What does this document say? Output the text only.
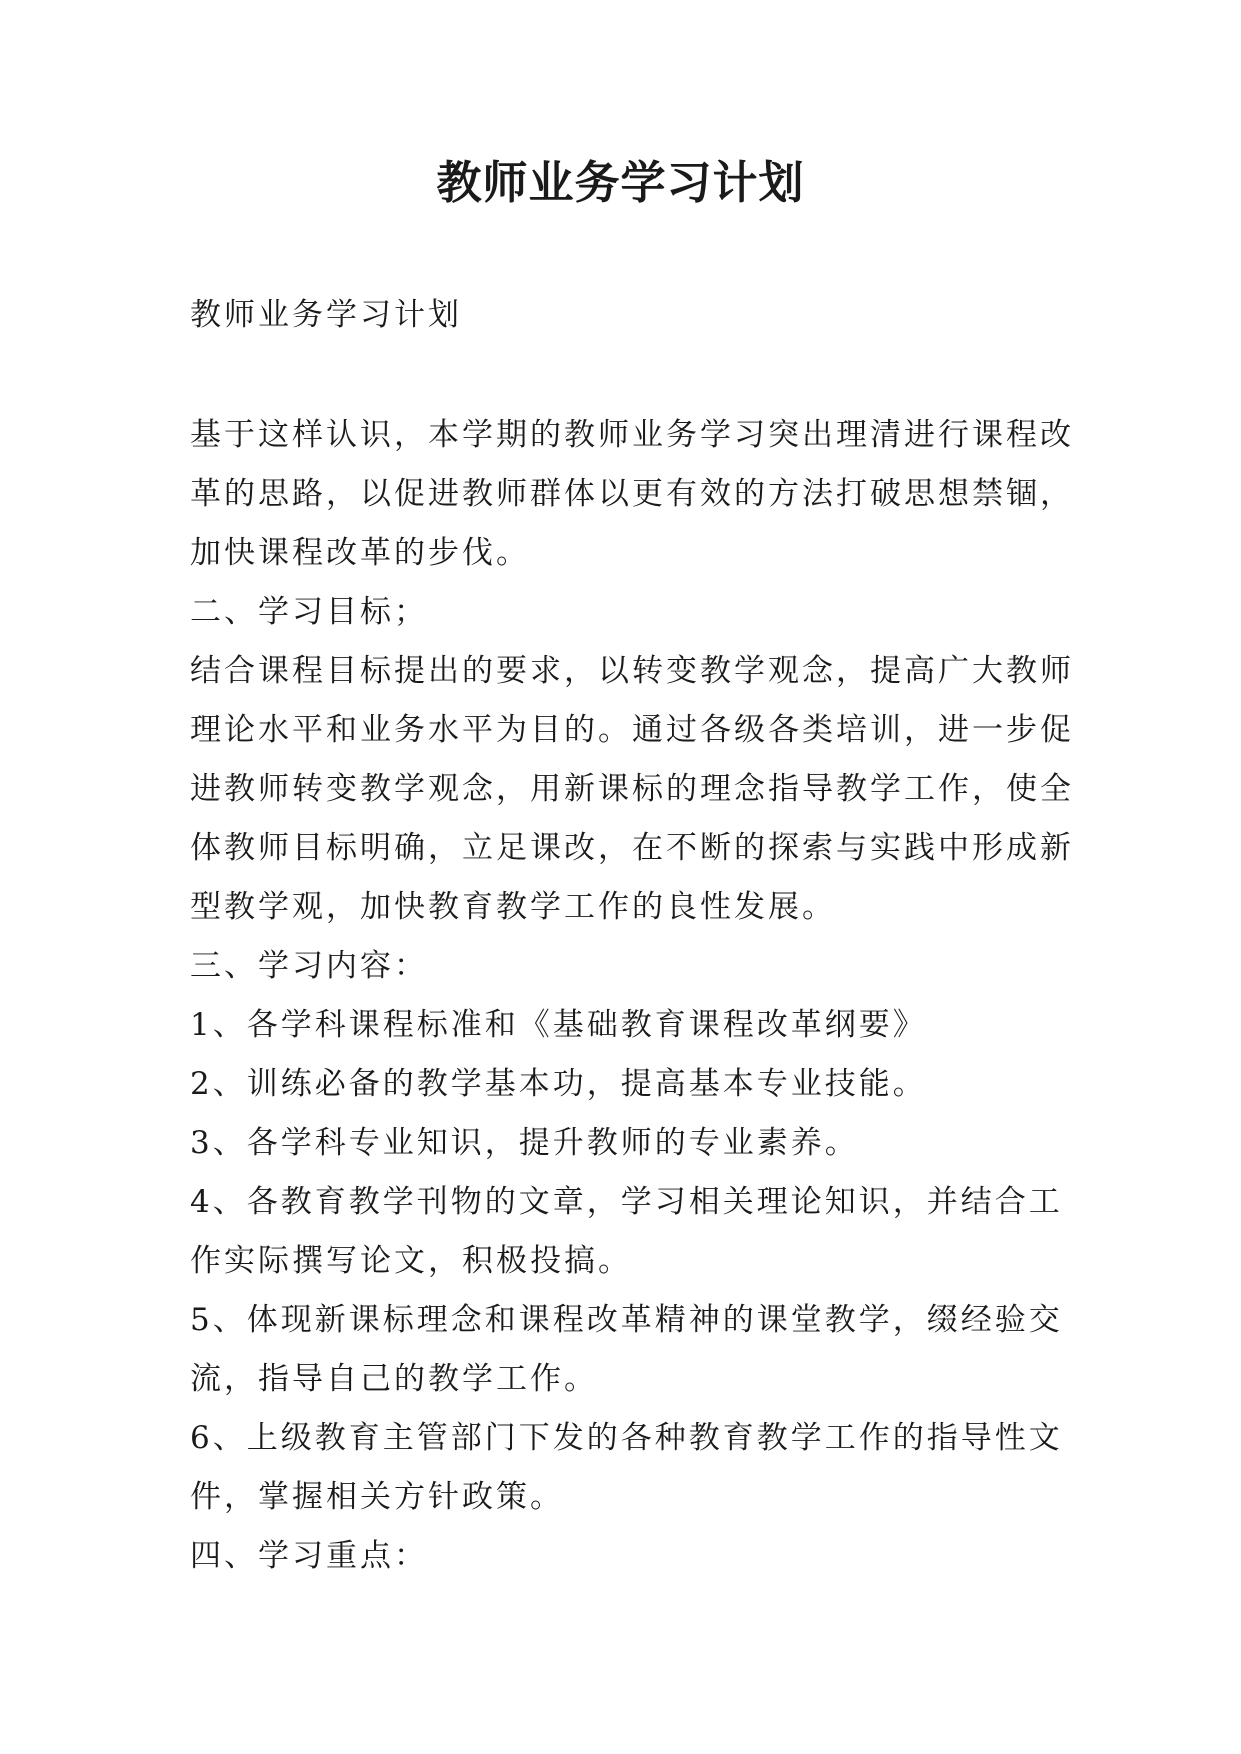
教师业务学习计划

教师业务学习计划

基于这样认识，本学期的教师业务学习突出理清进行课程改
革的思路，以促进教师群体以更有效的方法打破思想禁锢，
加快课程改革的步伐。
二、学习目标；
结合课程目标提出的要求，以转变教学观念，提高广大教师
理论水平和业务水平为目的。通过各级各类培训，进一步促
进教师转变教学观念，用新课标的理念指导教学工作，使全
体教师目标明确，立足课改，在不断的探索与实践中形成新
型教学观，加快教育教学工作的良性发展。
三、学习内容：
1、各学科课程标准和《基础教育课程改革纲要》
2、训练必备的教学基本功，提高基本专业技能。
3、各学科专业知识，提升教师的专业素养。
4、各教育教学刊物的文章，学习相关理论知识，并结合工
作实际撰写论文，积极投搞。
5、体现新课标理念和课程改革精神的课堂教学，缀经验交
流，指导自己的教学工作。
6、上级教育主管部门下发的各种教育教学工作的指导性文
件，掌握相关方针政策。
四、学习重点：
